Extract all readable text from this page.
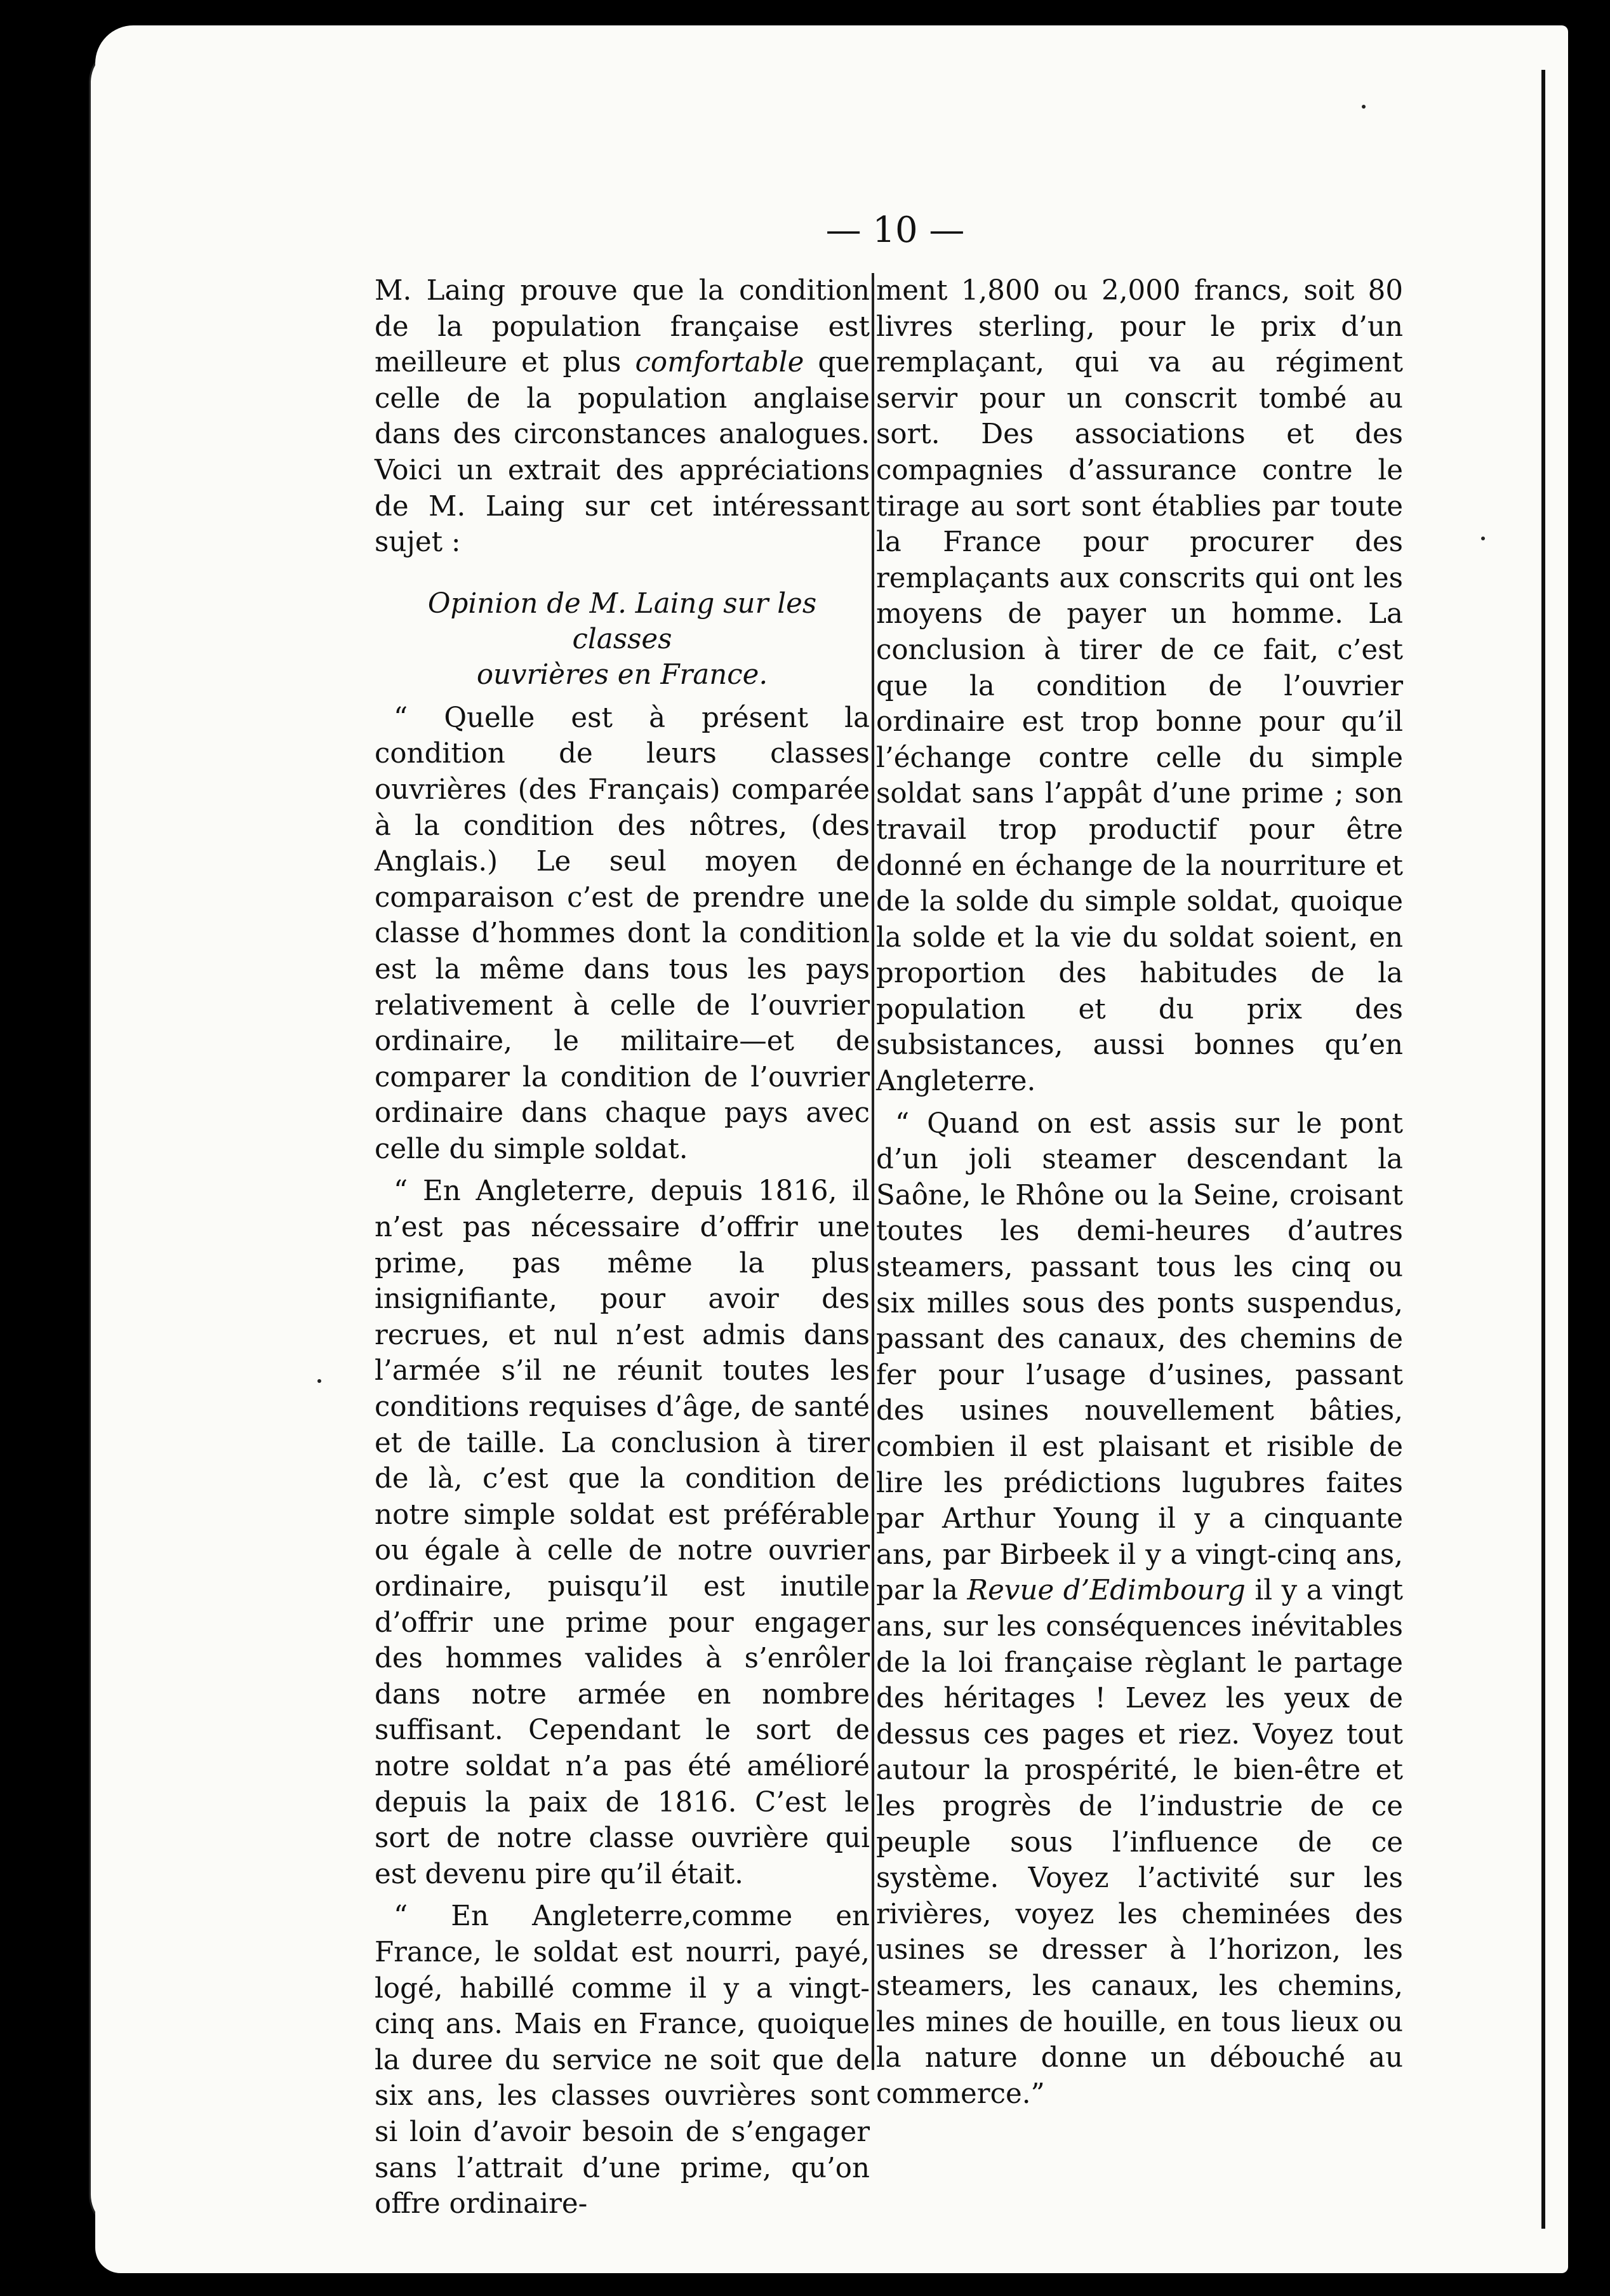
— 10 —

M. Laing prouve que la condition de la population française est meilleure et plus comfortable que celle de la population anglaise dans des circonstances analogues. Voici un extrait des appréciations de M. Laing sur cet intéressant sujet :

Opinion de M. Laing sur les classes
ouvrières en France.

“ Quelle est à présent la condition de leurs classes ouvrières (des Français) comparée à la condition des nôtres, (des Anglais.) Le seul moyen de comparaison c’est de prendre une classe d’hommes dont la condition est la même dans tous les pays relativement à celle de l’ouvrier ordinaire, le militaire—et de comparer la condition de l’ouvrier ordinaire dans chaque pays avec celle du simple soldat.

“ En Angleterre, depuis 1816, il n’est pas nécessaire d’offrir une prime, pas même la plus insignifiante, pour avoir des recrues, et nul n’est admis dans l’armée s’il ne réunit toutes les conditions requises d’âge, de santé et de taille. La conclusion à tirer de là, c’est que la condition de notre simple soldat est préférable ou égale à celle de notre ouvrier ordinaire, puisqu’il est inutile d’offrir une prime pour engager des hommes valides à s’enrôler dans notre armée en nombre suffisant. Cependant le sort de notre soldat n’a pas été amélioré depuis la paix de 1816. C’est le sort de notre classe ouvrière qui est devenu pire qu’il était.

“ En Angleterre,comme en France, le soldat est nourri, payé, logé, habillé comme il y a vingt-cinq ans. Mais en France, quoique la duree du service ne soit que de six ans, les classes ouvrières sont si loin d’avoir besoin de s’engager sans l’attrait d’une prime, qu’on offre ordinaire-

ment 1,800 ou 2,000 francs, soit 80 livres sterling, pour le prix d’un remplaçant, qui va au régiment servir pour un conscrit tombé au sort. Des associations et des compagnies d’assurance contre le tirage au sort sont établies par toute la France pour procurer des remplaçants aux conscrits qui ont les moyens de payer un homme. La conclusion à tirer de ce fait, c’est que la condition de l’ouvrier ordinaire est trop bonne pour qu’il l’échange contre celle du simple soldat sans l’appât d’une prime ; son travail trop productif pour être donné en échange de la nourriture et de la solde du simple soldat, quoique la solde et la vie du soldat soient, en proportion des habitudes de la population et du prix des subsistances, aussi bonnes qu’en Angleterre.

“ Quand on est assis sur le pont d’un joli steamer descendant la Saône, le Rhône ou la Seine, croisant toutes les demi-heures d’autres steamers, passant tous les cinq ou six milles sous des ponts suspendus, passant des canaux, des chemins de fer pour l’usage d’usines, passant des usines nouvellement bâties, combien il est plaisant et risible de lire les prédictions lugubres faites par Arthur Young il y a cinquante ans, par Birbeek il y a vingt-cinq ans, par la Revue d’Edimbourg il y a vingt ans, sur les conséquences inévitables de la loi française règlant le partage des héritages ! Levez les yeux de dessus ces pages et riez. Voyez tout autour la prospérité, le bien-être et les progrès de l’industrie de ce peuple sous l’influence de ce système. Voyez l’activité sur les rivières, voyez les cheminées des usines se dresser à l’horizon, les steamers, les canaux, les chemins, les mines de houille, en tous lieux ou la nature donne un débouché au commerce.”
